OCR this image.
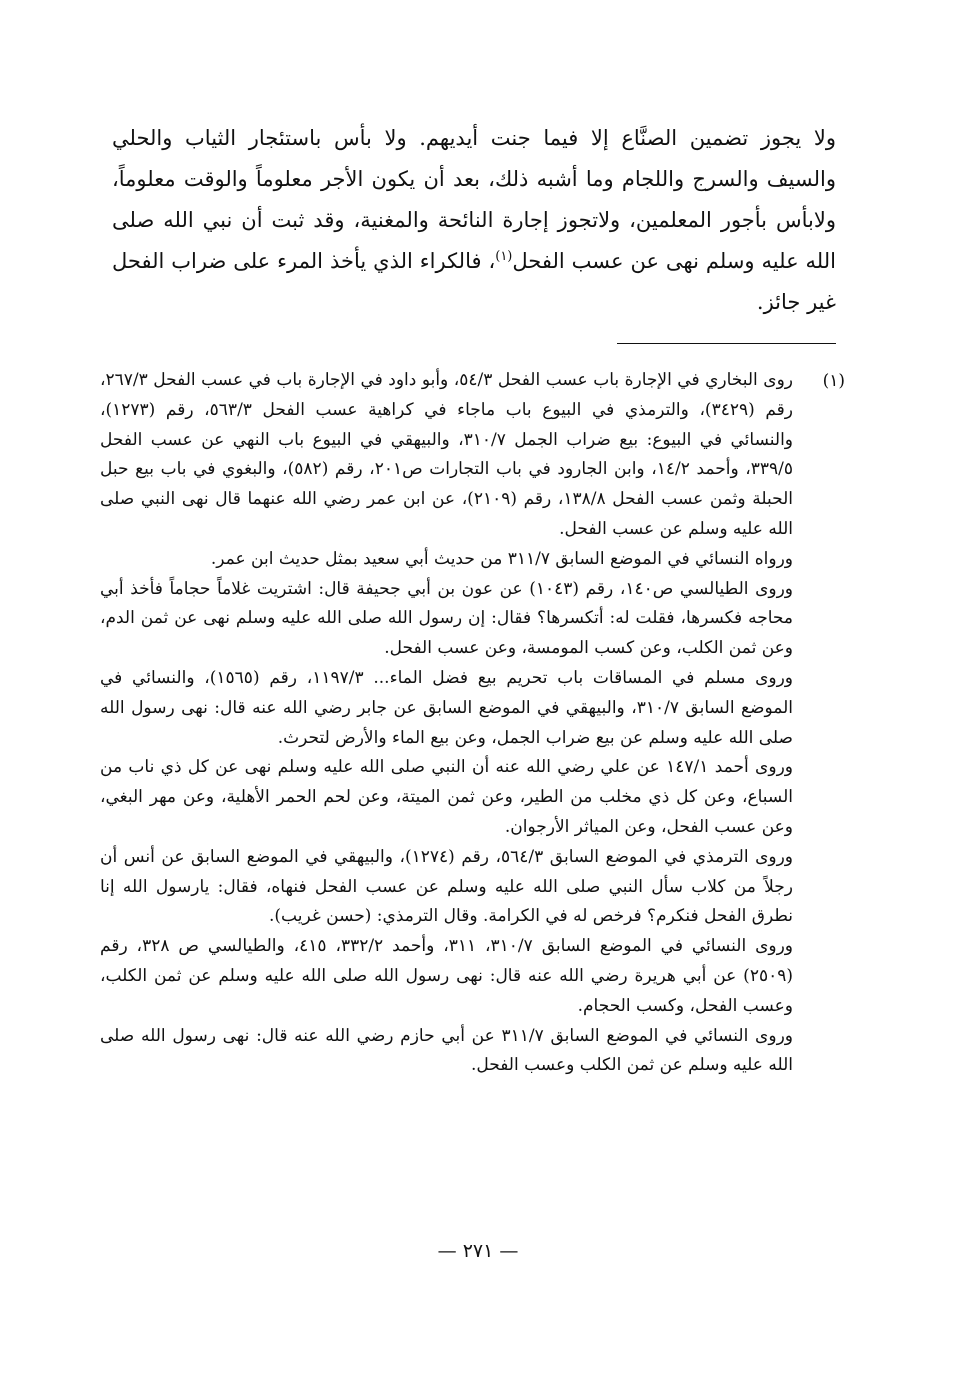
ولا يجوز تضمين الصنَّاع إلا فيما جنت أيديهم. ولا بأس باستئجار الثياب والحلي والسيف والسرج واللجام وما أشبه ذلك، بعد أن يكون الأجر معلوماً والوقت معلوماً، ولابأس بأجور المعلمين، ولاتجوز إجارة النائحة والمغنية، وقد ثبت أن نبي الله صلى الله عليه وسلم نهى عن عسب الفحل$^{(١)}$، فالكراء الذي يأخذ المرء على ضراب الفحل غير جائز.
(١)

روى البخاري في الإجارة باب عسب الفحل ٥٤/٣، وأبو داود في الإجارة باب في عسب الفحل ٢٦٧/٣، رقم (٣٤٢٩)، والترمذي في البيوع باب ماجاء في كراهية عسب الفحل ٥٦٣/٣، رقم (١٢٧٣)، والنسائي في البيوع: بيع ضراب الجمل ٣١٠/٧، والبيهقي في البيوع باب النهي عن عسب الفحل ٣٣٩/٥، وأحمد ١٤/٢، وابن الجارود في باب التجارات ص٢٠١، رقم (٥٨٢)، والبغوي في باب بيع حبل الحبلة وثمن عسب الفحل ١٣٨/٨، رقم (٢١٠٩)، عن ابن عمر رضي الله عنهما قال نهى النبي صلى الله عليه وسلم عن عسب الفحل.

ورواه النسائي في الموضع السابق ٣١١/٧ من حديث أبي سعيد بمثل حديث ابن عمر.

وروى الطيالسي ص١٤٠، رقم (١٠٤٣) عن عون بن أبي جحيفة قال: اشتريت غلاماً حجاماً فأخذ أبي محاجه فكسرها، فقلت له: أتكسرها؟ فقال: إن رسول الله صلى الله عليه وسلم نهى عن ثمن الدم، وعن ثمن الكلب، وعن كسب المومسة، وعن عسب الفحل.

وروى مسلم في المساقات باب تحريم بيع فضل الماء... ١١٩٧/٣، رقم (١٥٦٥)، والنسائي في الموضع السابق ٣١٠/٧، والبيهقي في الموضع السابق عن جابر رضي الله عنه قال: نهى رسول الله صلى الله عليه وسلم عن بيع ضراب الجمل، وعن بيع الماء والأرض لتحرث.

وروى أحمد ١٤٧/١ عن علي رضي الله عنه أن النبي صلى الله عليه وسلم نهى عن كل ذي ناب من السباع، وعن كل ذي مخلب من الطير، وعن ثمن الميتة، وعن لحم الحمر الأهلية، وعن مهر البغي، وعن عسب الفحل، وعن المياثر الأرجوان.

وروى الترمذي في الموضع السابق ٥٦٤/٣، رقم (١٢٧٤)، والبيهقي في الموضع السابق عن أنس أن رجلاً من كلاب سأل النبي صلى الله عليه وسلم عن عسب الفحل فنهاه، فقال: يارسول الله إنا نطرق الفحل فنكرم؟ فرخص له في الكرامة. وقال الترمذي: (حسن غريب).

وروى النسائي في الموضع السابق ٣١٠/٧، ٣١١، وأحمد ٣٣٢/٢، ٤١٥، والطيالسي ص ٣٢٨، رقم (٢٥٠٩) عن أبي هريرة رضي الله عنه قال: نهى رسول الله صلى الله عليه وسلم عن ثمن الكلب، وعسب الفحل، وكسب الحجام.

وروى النسائي في الموضع السابق ٣١١/٧ عن أبي حازم رضي الله عنه قال: نهى رسول الله صلى الله عليه وسلم عن ثمن الكلب وعسب الفحل.

— ٢٧١ —
